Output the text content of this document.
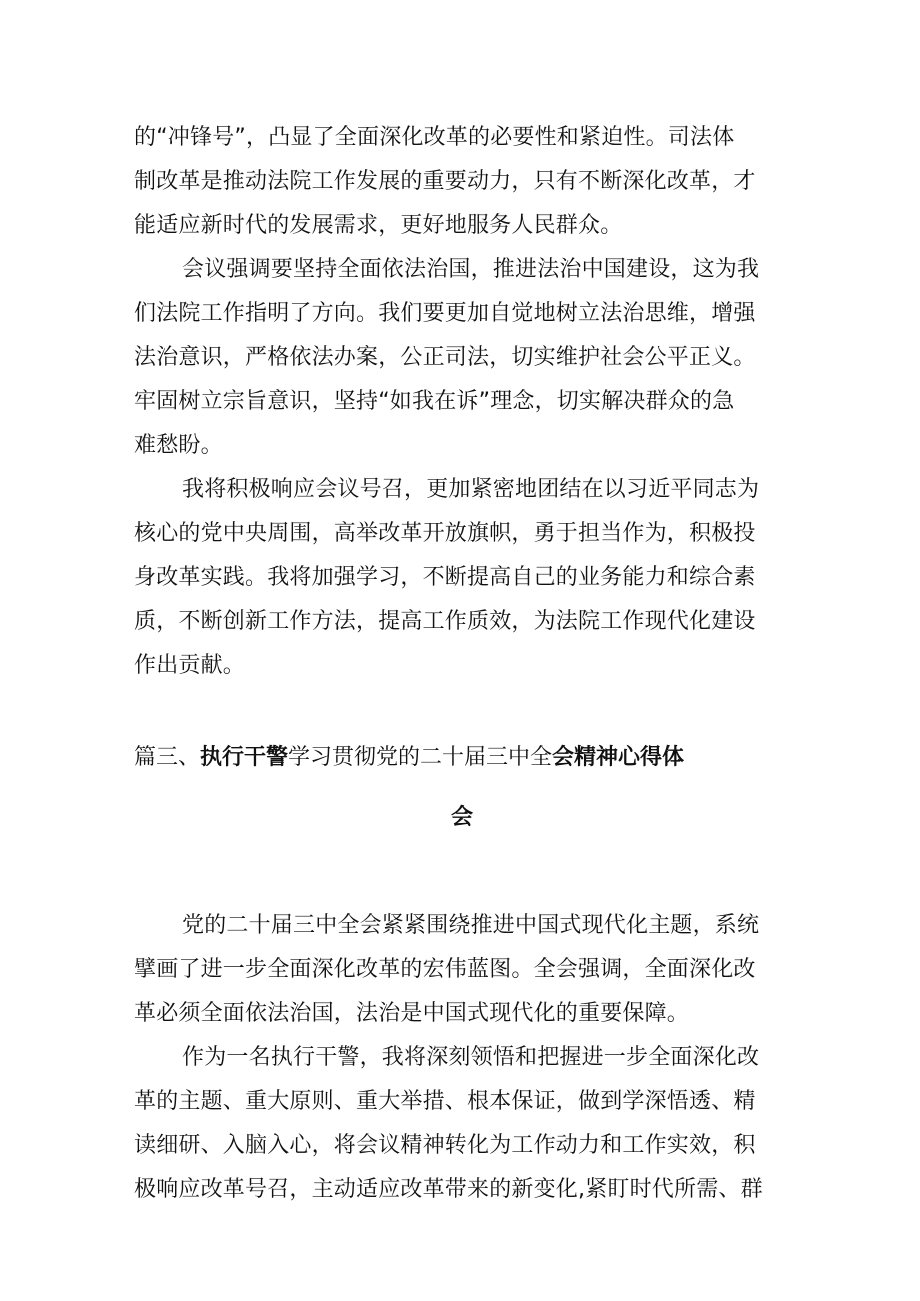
的“冲锋号”，凸显了全面深化改革的必要性和紧迫性。司法体
制改革是推动法院工作发展的重要动力，只有不断深化改革，才
能适应新时代的发展需求，更好地服务人民群众。
会议强调要坚持全面依法治国，推进法治中国建设，这为我
们法院工作指明了方向。我们要更加自觉地树立法治思维，增强
法治意识，严格依法办案，公正司法，切实维护社会公平正义。
牢固树立宗旨意识，坚持“如我在诉”理念，切实解决群众的急
难愁盼。
我将积极响应会议号召，更加紧密地团结在以习近平同志为
核心的党中央周围，高举改革开放旗帜，勇于担当作为，积极投
身改革实践。我将加强学习，不断提高自己的业务能力和综合素
质，不断创新工作方法，提高工作质效，为法院工作现代化建设
作出贡献。
篇三、执行干警学习贯彻党的二十届三中全会精神心得体
会
党的二十届三中全会紧紧围绕推进中国式现代化主题，系统
擘画了进一步全面深化改革的宏伟蓝图。全会强调，全面深化改
革必须全面依法治国，法治是中国式现代化的重要保障。
作为一名执行干警，我将深刻领悟和把握进一步全面深化改
革的主题、重大原则、重大举措、根本保证，做到学深悟透、精
读细研、入脑入心，将会议精神转化为工作动力和工作实效，积
极响应改革号召，主动适应改革带来的新变化,紧盯时代所需、群
